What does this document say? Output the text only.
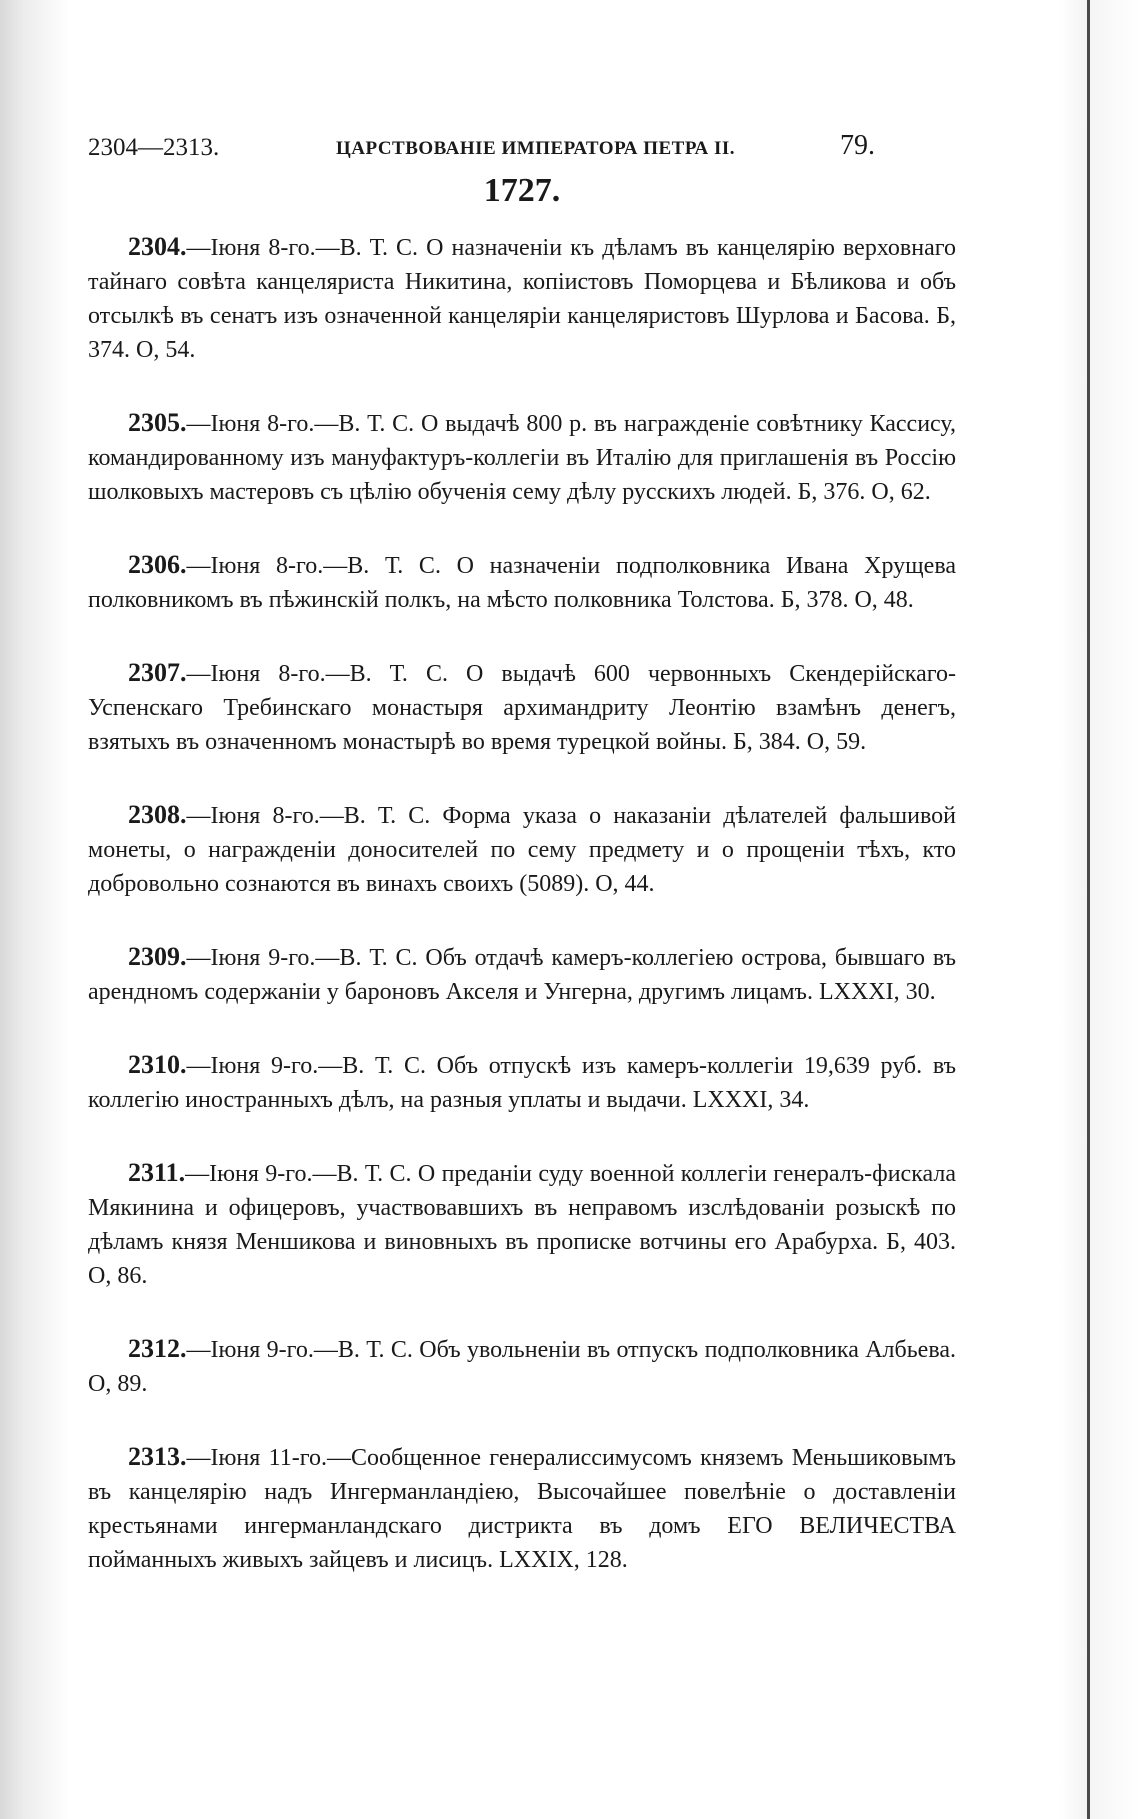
2304—2313.	ЦАРСТВОВАНІЕ ИМПЕРАТОРА ПЕТРА II.	79.
1727.

2304.—Іюня 8-го.—В. Т. С. О назначеніи къ дѣламъ въ канцелярію верховнаго тайнаго совѣта канцеляриста Никитина, копіистовъ Поморцева и Бѣликова и объ отсылкѣ въ сенатъ изъ означенной канцеляріи канцеляристовъ Шурлова и Басова. Б, 374. О, 54.

2305.—Іюня 8-го.—В. Т. С. О выдачѣ 800 р. въ награжденіе совѣтнику Кассису, командированному изъ мануфактуръ-коллегіи въ Италію для приглашенія въ Россію шолковыхъ мастеровъ съ цѣлію обученія сему дѣлу русскихъ людей. Б, 376. О, 62.

2306.—Іюня 8-го.—В. Т. С. О назначеніи подполковника Ивана Хрущева полковникомъ въ пѣжинскій полкъ, на мѣсто полковника Толстова. Б, 378. О, 48.

2307.—Іюня 8-го.—В. Т. С. О выдачѣ 600 червонныхъ Скендерійскаго-Успенскаго Требинскаго монастыря архимандриту Леонтію взамѣнъ денегъ, взятыхъ въ означенномъ монастырѣ во время турецкой войны. Б, 384. О, 59.

2308.—Іюня 8-го.—В. Т. С. Форма указа о наказаніи дѣлателей фальшивой монеты, о награжденіи доносителей по сему предмету и о прощеніи тѣхъ, кто добровольно сознаются въ винахъ своихъ (5089). О, 44.

2309.—Іюня 9-го.—В. Т. С. Объ отдачѣ камеръ-коллегіею острова, бывшаго въ арендномъ содержаніи у бароновъ Акселя и Унгерна, другимъ лицамъ. LXXXI, 30.

2310.—Іюня 9-го.—В. Т. С. Объ отпускѣ изъ камеръ-коллегіи 19,639 руб. въ коллегію иностранныхъ дѣлъ, на разныя уплаты и выдачи. LXXXI, 34.

2311.—Іюня 9-го.—В. Т. С. О преданіи суду военной коллегіи генералъ-фискала Мякинина и офицеровъ, участвовавшихъ въ неправомъ изслѣдованіи розыскѣ по дѣламъ князя Меншикова и виновныхъ въ прописке вотчины его Арабурха. Б, 403. О, 86.

2312.—Іюня 9-го.—В. Т. С. Объ увольненіи въ отпускъ подполковника Албьева. О, 89.

2313.—Іюня 11-го.—Сообщенное генералиссимусомъ княземъ Меньшиковымъ въ канцелярію надъ Ингерманландіею, Высочайшее повелѣніе о доставленіи крестьянами ингерманландскаго дистрикта въ домъ ЕГО ВЕЛИЧЕСТВА пойманныхъ живыхъ зайцевъ и лисицъ. LXXIX, 128.
